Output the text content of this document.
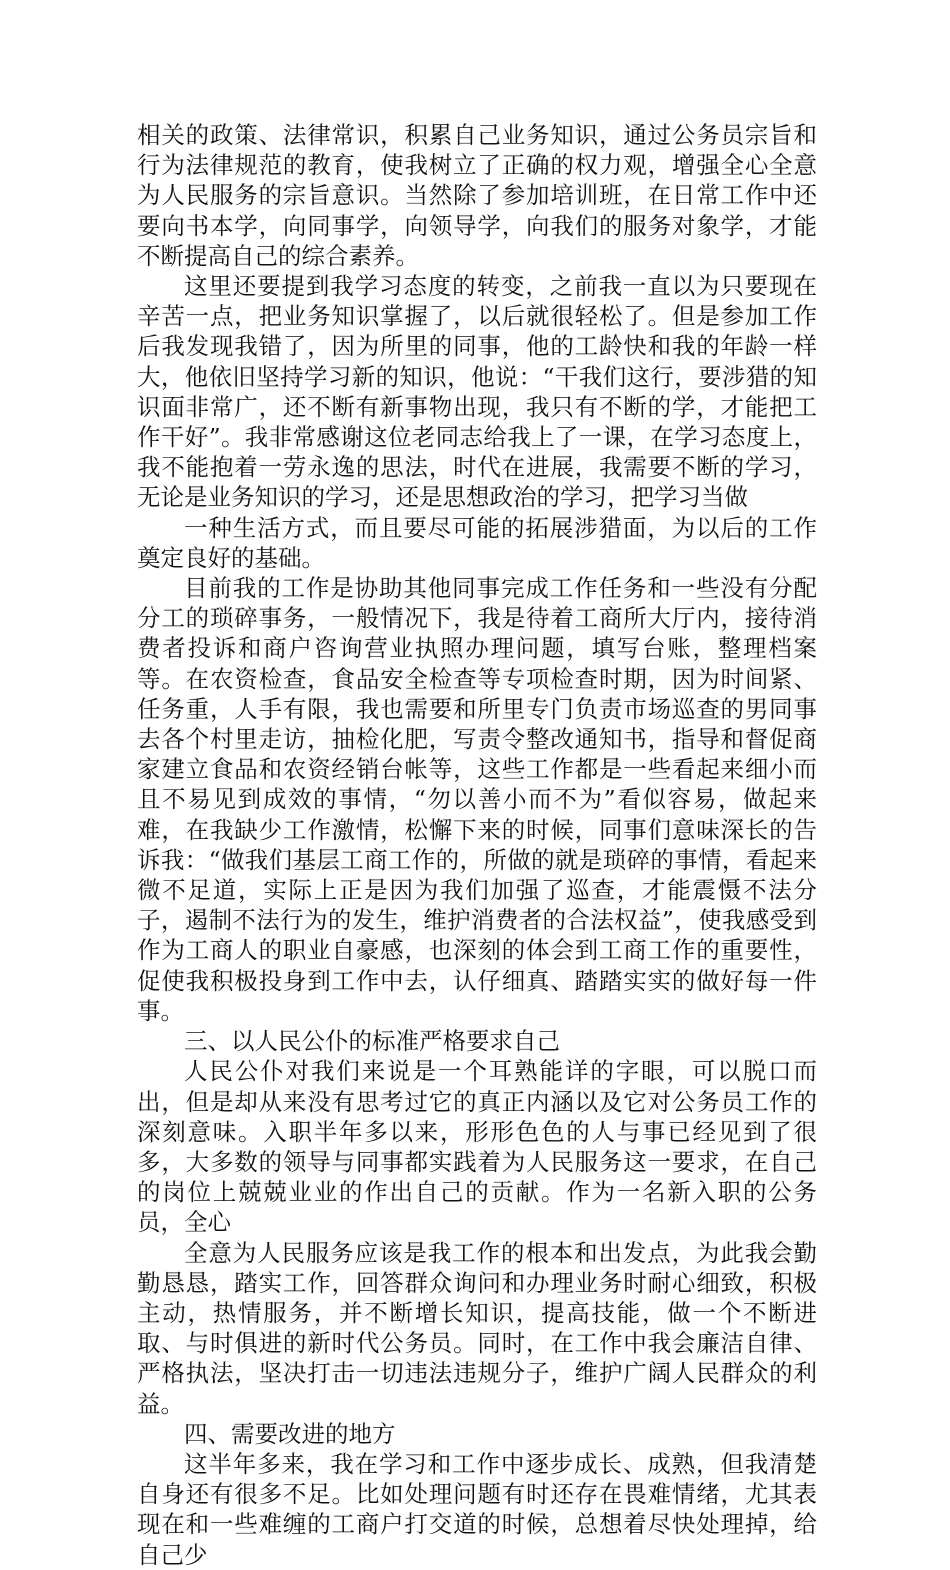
相关的政策、法律常识，积累自己业务知识，通过公务员宗旨和行为法律规范的教育，使我树立了正确的权力观，增强全心全意为人民服务的宗旨意识。当然除了参加培训班，在日常工作中还要向书本学，向同事学，向领导学，向我们的服务对象学，才能不断提高自己的综合素养。

这里还要提到我学习态度的转变，之前我一直以为只要现在辛苦一点，把业务知识掌握了，以后就很轻松了。但是参加工作后我发现我错了，因为所里的同事，他的工龄快和我的年龄一样大，他依旧坚持学习新的知识，他说：“干我们这行，要涉猎的知识面非常广，还不断有新事物出现，我只有不断的学，才能把工作干好”。我非常感谢这位老同志给我上了一课，在学习态度上，我不能抱着一劳永逸的思法，时代在进展，我需要不断的学习，无论是业务知识的学习，还是思想政治的学习，把学习当做

一种生活方式，而且要尽可能的拓展涉猎面，为以后的工作奠定良好的基础。

目前我的工作是协助其他同事完成工作任务和一些没有分配分工的琐碎事务，一般情况下，我是待着工商所大厅内，接待消费者投诉和商户咨询营业执照办理问题，填写台账，整理档案等。在农资检查，食品安全检查等专项检查时期，因为时间紧、任务重，人手有限，我也需要和所里专门负责市场巡查的男同事去各个村里走访，抽检化肥，写责令整改通知书，指导和督促商家建立食品和农资经销台帐等，这些工作都是一些看起来细小而且不易见到成效的事情，“勿以善小而不为”看似容易，做起来难，在我缺少工作激情，松懈下来的时候，同事们意味深长的告诉我：“做我们基层工商工作的，所做的就是琐碎的事情，看起来微不足道，实际上正是因为我们加强了巡查，才能震慑不法分子，遏制不法行为的发生，维护消费者的合法权益”，使我感受到作为工商人的职业自豪感，也深刻的体会到工商工作的重要性，促使我积极投身到工作中去，认仔细真、踏踏实实的做好每一件事。

三、以人民公仆的标准严格要求自己

人民公仆对我们来说是一个耳熟能详的字眼，可以脱口而出，但是却从来没有思考过它的真正内涵以及它对公务员工作的深刻意味。入职半年多以来，形形色色的人与事已经见到了很多，大多数的领导与同事都实践着为人民服务这一要求，在自己的岗位上兢兢业业的作出自己的贡献。作为一名新入职的公务员，全心

全意为人民服务应该是我工作的根本和出发点，为此我会勤勤恳恳，踏实工作，回答群众询问和办理业务时耐心细致，积极主动，热情服务，并不断增长知识，提高技能，做一个不断进取、与时俱进的新时代公务员。同时，在工作中我会廉洁自律、严格执法，坚决打击一切违法违规分子，维护广阔人民群众的利益。

四、需要改进的地方

这半年多来，我在学习和工作中逐步成长、成熟，但我清楚自身还有很多不足。比如处理问题有时还存在畏难情绪，尤其表现在和一些难缠的工商户打交道的时候，总想着尽快处理掉，给自己少
